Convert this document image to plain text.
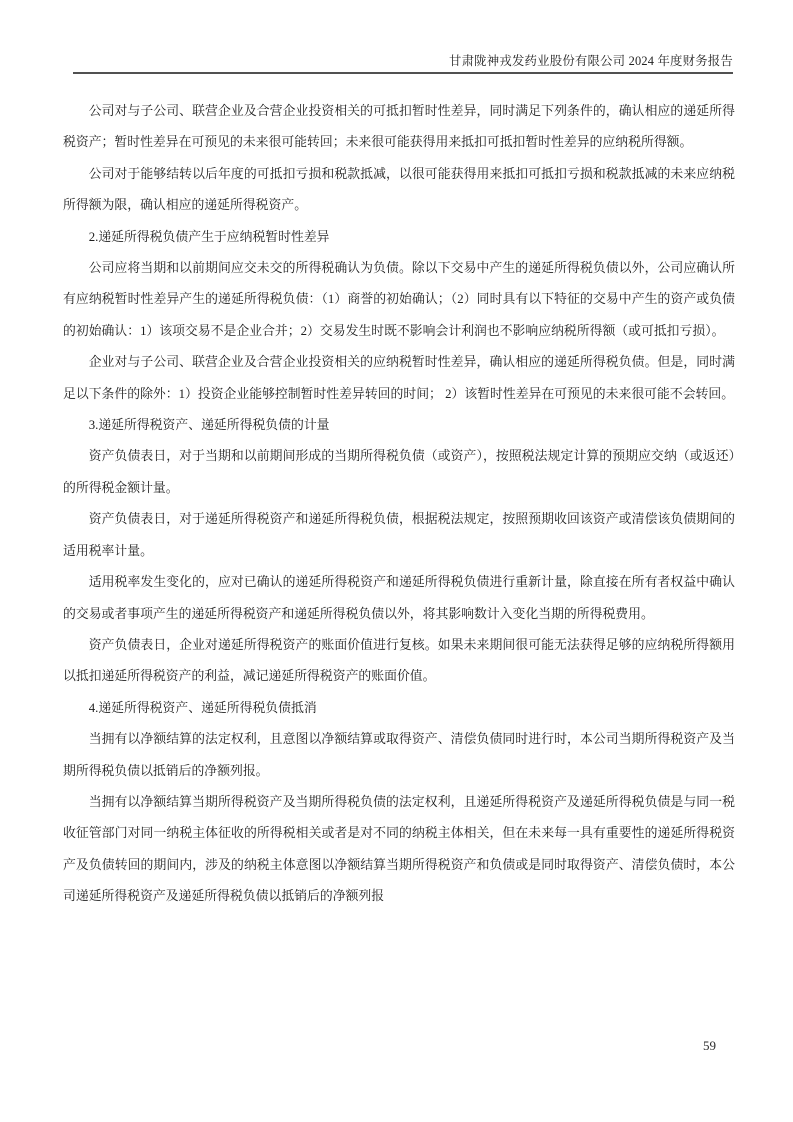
甘肃陇神戎发药业股份有限公司 2024 年度财务报告

公司对与子公司、联营企业及合营企业投资相关的可抵扣暂时性差异，同时满足下列条件的，确认相应的递延所得税资产；暂时性差异在可预见的未来很可能转回；未来很可能获得用来抵扣可抵扣暂时性差异的应纳税所得额。

公司对于能够结转以后年度的可抵扣亏损和税款抵减，以很可能获得用来抵扣可抵扣亏损和税款抵减的未来应纳税所得额为限，确认相应的递延所得税资产。

2.递延所得税负债产生于应纳税暂时性差异

公司应将当期和以前期间应交未交的所得税确认为负债。除以下交易中产生的递延所得税负债以外，公司应确认所有应纳税暂时性差异产生的递延所得税负债：（1）商誉的初始确认；（2）同时具有以下特征的交易中产生的资产或负债的初始确认：1）该项交易不是企业合并；2）交易发生时既不影响会计利润也不影响应纳税所得额（或可抵扣亏损）。

企业对与子公司、联营企业及合营企业投资相关的应纳税暂时性差异，确认相应的递延所得税负债。但是，同时满足以下条件的除外：1）投资企业能够控制暂时性差异转回的时间； 2）该暂时性差异在可预见的未来很可能不会转回。

3.递延所得税资产、递延所得税负债的计量

资产负债表日，对于当期和以前期间形成的当期所得税负债（或资产），按照税法规定计算的预期应交纳（或返还）的所得税金额计量。

资产负债表日，对于递延所得税资产和递延所得税负债，根据税法规定，按照预期收回该资产或清偿该负债期间的适用税率计量。

适用税率发生变化的，应对已确认的递延所得税资产和递延所得税负债进行重新计量，除直接在所有者权益中确认的交易或者事项产生的递延所得税资产和递延所得税负债以外，将其影响数计入变化当期的所得税费用。

资产负债表日，企业对递延所得税资产的账面价值进行复核。如果未来期间很可能无法获得足够的应纳税所得额用以抵扣递延所得税资产的利益，减记递延所得税资产的账面价值。

4.递延所得税资产、递延所得税负债抵消

当拥有以净额结算的法定权利，且意图以净额结算或取得资产、清偿负债同时进行时，本公司当期所得税资产及当期所得税负债以抵销后的净额列报。

当拥有以净额结算当期所得税资产及当期所得税负债的法定权利，且递延所得税资产及递延所得税负债是与同一税收征管部门对同一纳税主体征收的所得税相关或者是对不同的纳税主体相关，但在未来每一具有重要性的递延所得税资产及负债转回的期间内，涉及的纳税主体意图以净额结算当期所得税资产和负债或是同时取得资产、清偿负债时，本公司递延所得税资产及递延所得税负债以抵销后的净额列报

59
